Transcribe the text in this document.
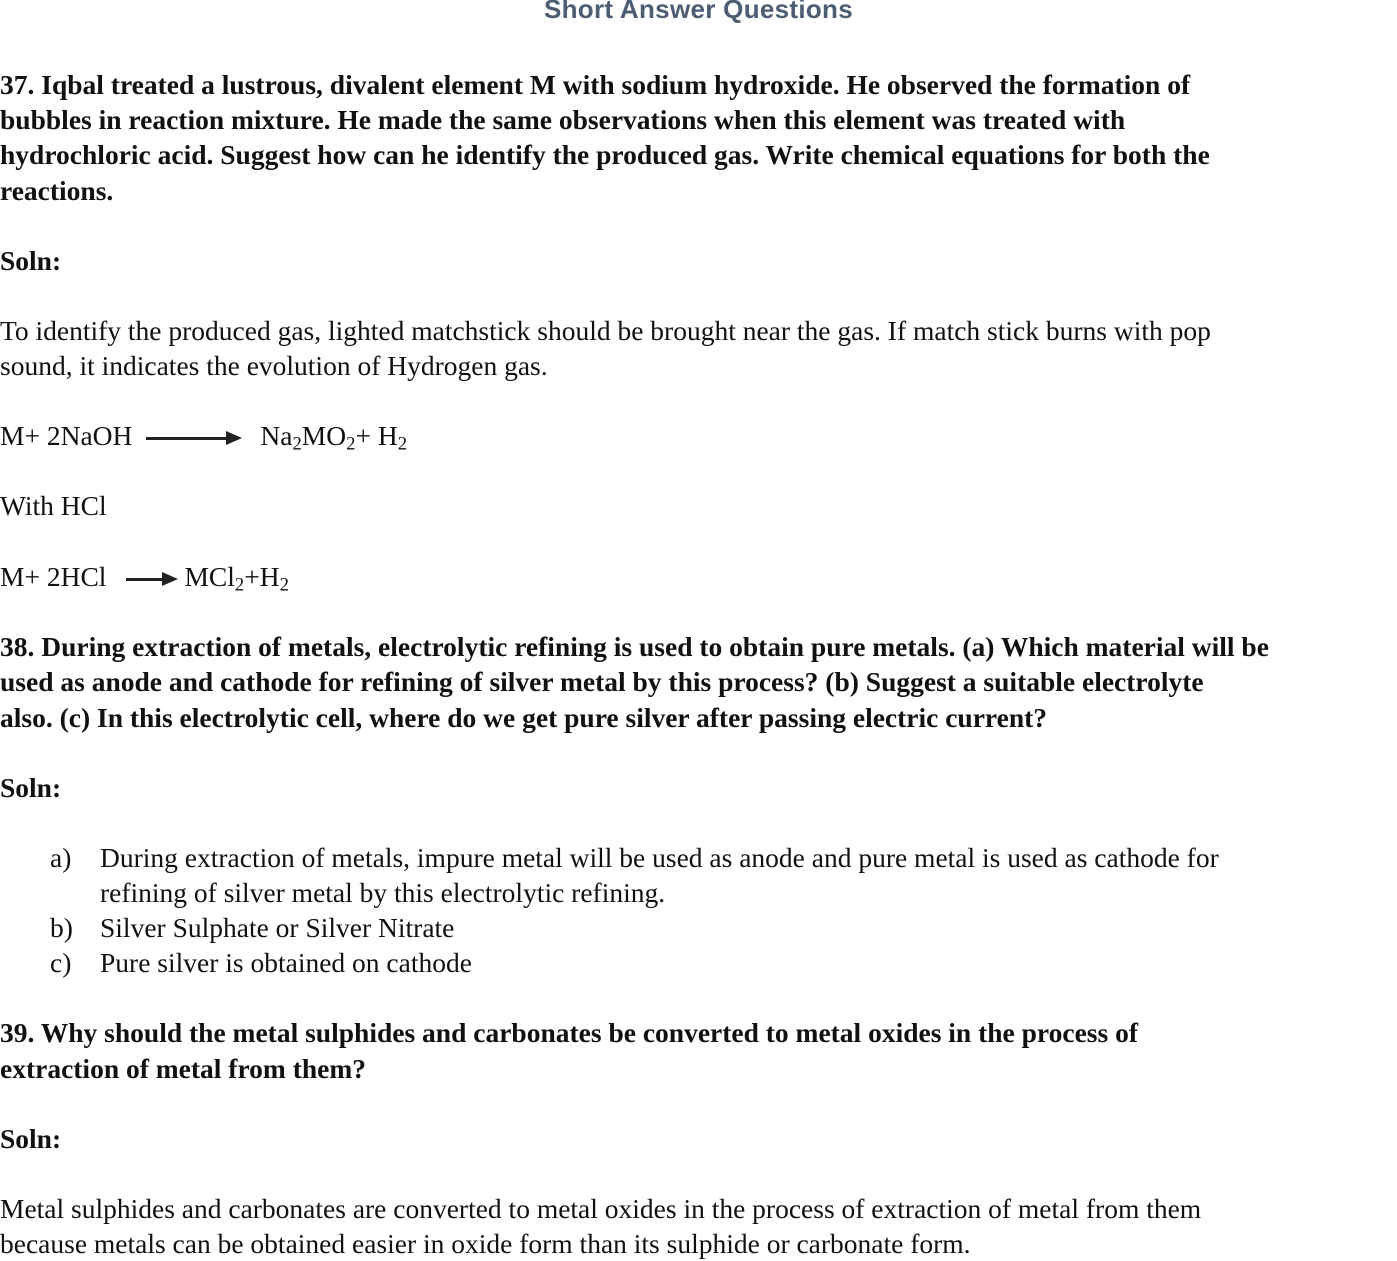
Short Answer Questions
37. Iqbal treated a lustrous, divalent element M with sodium hydroxide. He observed the formation of
bubbles in reaction mixture. He made the same observations when this element was treated with
hydrochloric acid. Suggest how can he identify the produced gas. Write chemical equations for both the
reactions.
Soln:
To identify the produced gas, lighted matchstick should be brought near the gas. If match stick burns with pop
sound, it indicates the evolution of Hydrogen gas.
M+ 2NaOH	$Na_2MO_2+ H_2$
With HCl
M+ 2HCl	$MCl_2+H_2$
38. During extraction of metals, electrolytic refining is used to obtain pure metals. (a) Which material will be
used as anode and cathode for refining of silver metal by this process? (b) Suggest a suitable electrolyte
also. (c) In this electrolytic cell, where do we get pure silver after passing electric current?
Soln:
a) During extraction of metals, impure metal will be used as anode and pure metal is used as cathode for
refining of silver metal by this electrolytic refining.
b) Silver Sulphate or Silver Nitrate
c) Pure silver is obtained on cathode
39. Why should the metal sulphides and carbonates be converted to metal oxides in the process of
extraction of metal from them?
Soln:
Metal sulphides and carbonates are converted to metal oxides in the process of extraction of metal from them
because metals can be obtained easier in oxide form than its sulphide or carbonate form.
